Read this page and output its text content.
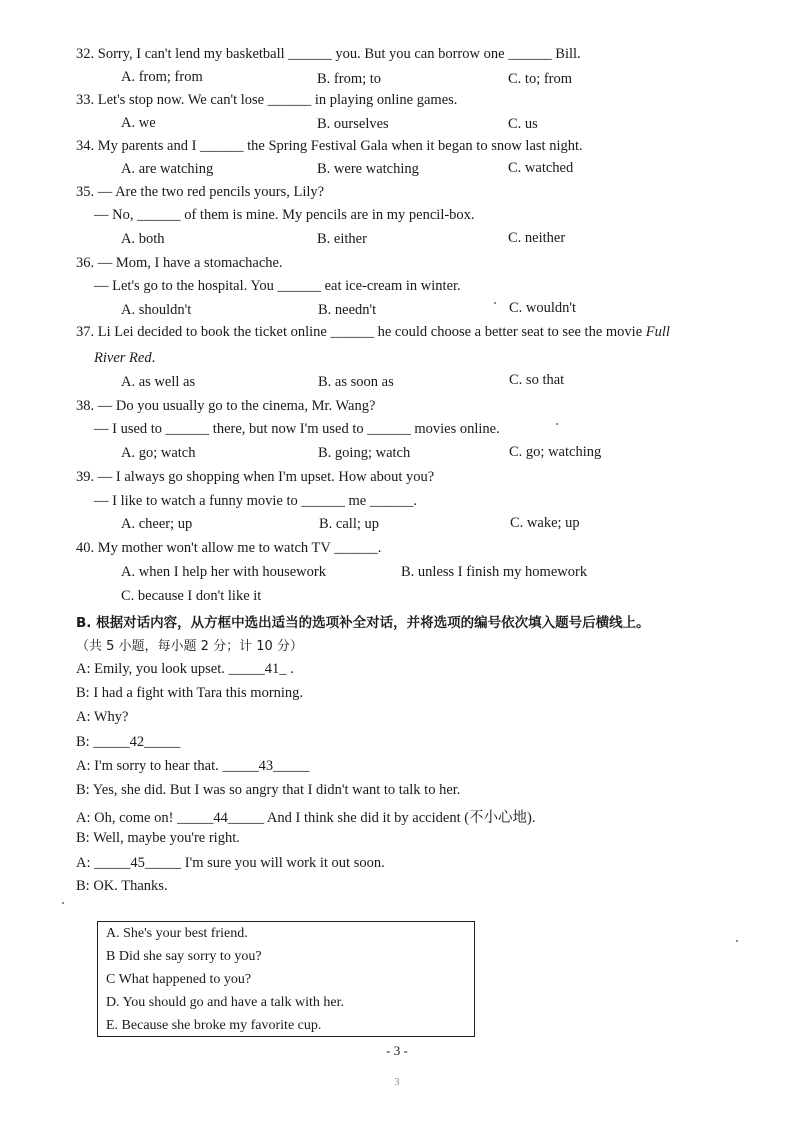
32. Sorry, I can't lend my basketball ______ you. But you can borrow one ______ Bill.
A. from; from	B. from; to	C. to; from
33. Let's stop now. We can't lose ______ in playing online games.
A. we	B. ourselves	C. us
34. My parents and I ______ the Spring Festival Gala when it began to snow last night.
A. are watching	B. were watching	C. watched
35. — Are the two red pencils yours, Lily?
— No, ______ of them is mine. My pencils are in my pencil-box.
A. both	B. either	C. neither
36. — Mom, I have a stomachache.
— Let's go to the hospital. You ______ eat ice-cream in winter.
A. shouldn't	B. needn't	C. wouldn't
37. Li Lei decided to book the ticket online ______ he could choose a better seat to see the movie Full
River Red.
A. as well as	B. as soon as	C. so that
38. — Do you usually go to the cinema, Mr. Wang?
— I used to ______ there, but now I'm used to ______ movies online.
A. go; watch	B. going; watch	C. go; watching
39. — I always go shopping when I'm upset. How about you?
— I like to watch a funny movie to ______ me ______.
A. cheer; up	B. call; up	C. wake; up
40. My mother won't allow me to watch TV ______.
A. when I help her with housework	B. unless I finish my homework
C. because I don't like it
B. 根据对话内容，从方框中选出适当的选项补全对话，并将选项的编号依次填入题号后横线上。
（共 5 小题，每小题 2 分；计 10 分）
A: Emily, you look upset. _____41_ .
B: I had a fight with Tara this morning.
A: Why?
B: _____42_____
A: I'm sorry to hear that. _____43_____
B: Yes, she did. But I was so angry that I didn't want to talk to her.
A: Oh, come on! _____44_____ And I think she did it by accident (不小心地).
B: Well, maybe you're right.
A: _____45_____ I'm sure you will work it out soon.
B: OK. Thanks.
A. She's your best friend.
B Did she say sorry to you?
C What happened to you?
D. You should go and have a talk with her.
E. Because she broke my favorite cup.
- 3 -
3
